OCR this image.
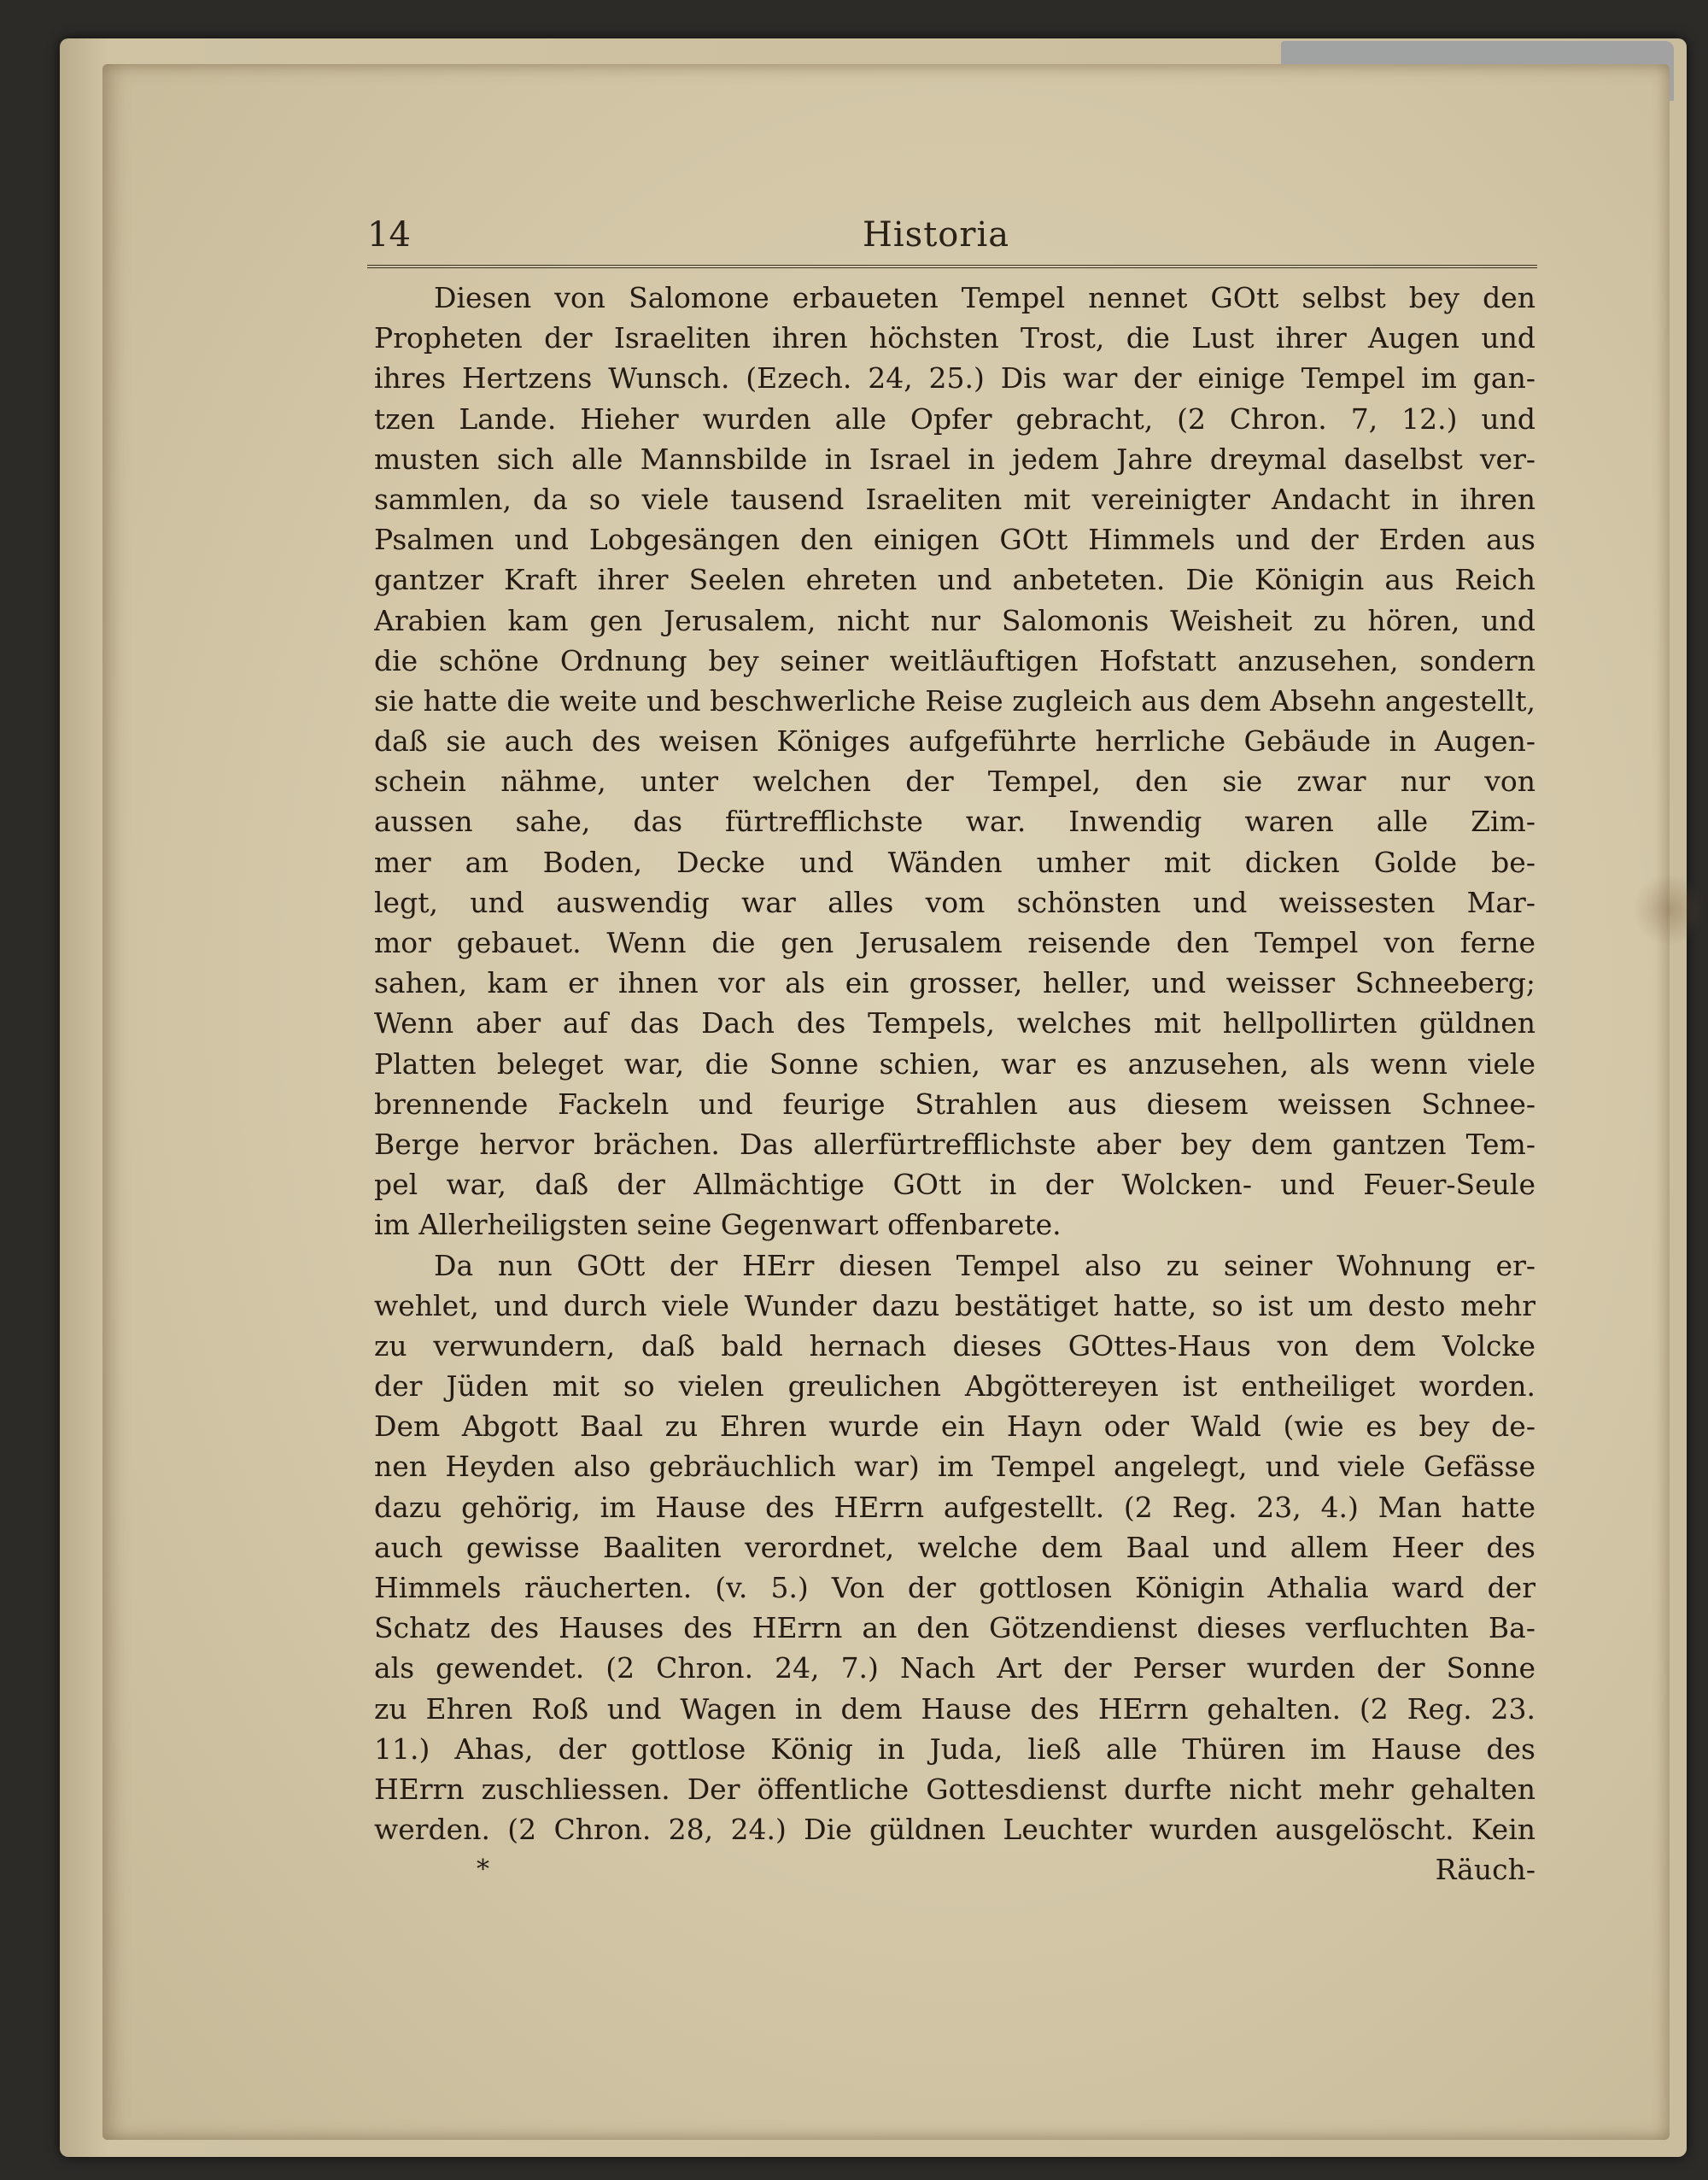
14	Historia
Diesen von Salomone erbaueten Tempel nennet GOtt selbst bey den
Propheten der Israeliten ihren höchsten Trost, die Lust ihrer Augen und
ihres Hertzens Wunsch. (Ezech. 24, 25.) Dis war der einige Tempel im gan-
tzen Lande. Hieher wurden alle Opfer gebracht, (2 Chron. 7, 12.) und
musten sich alle Mannsbilde in Israel in jedem Jahre dreymal daselbst ver-
sammlen, da so viele tausend Israeliten mit vereinigter Andacht in ihren
Psalmen und Lobgesängen den einigen GOtt Himmels und der Erden aus
gantzer Kraft ihrer Seelen ehreten und anbeteten. Die Königin aus Reich
Arabien kam gen Jerusalem, nicht nur Salomonis Weisheit zu hören, und
die schöne Ordnung bey seiner weitläuftigen Hofstatt anzusehen, sondern
sie hatte die weite und beschwerliche Reise zugleich aus dem Absehn angestellt,
daß sie auch des weisen Königes aufgeführte herrliche Gebäude in Augen-
schein nähme, unter welchen der Tempel, den sie zwar nur von
aussen sahe, das fürtrefflichste war. Inwendig waren alle Zim-
mer am Boden, Decke und Wänden umher mit dicken Golde be-
legt, und auswendig war alles vom schönsten und weissesten Mar-
mor gebauet. Wenn die gen Jerusalem reisende den Tempel von ferne
sahen, kam er ihnen vor als ein grosser, heller, und weisser Schneeberg;
Wenn aber auf das Dach des Tempels, welches mit hellpollirten güldnen
Platten beleget war, die Sonne schien, war es anzusehen, als wenn viele
brennende Fackeln und feurige Strahlen aus diesem weissen Schnee-
Berge hervor brächen. Das allerfürtrefflichste aber bey dem gantzen Tem-
pel war, daß der Allmächtige GOtt in der Wolcken- und Feuer-Seule
im Allerheiligsten seine Gegenwart offenbarete.
Da nun GOtt der HErr diesen Tempel also zu seiner Wohnung er-
wehlet, und durch viele Wunder dazu bestätiget hatte, so ist um desto mehr
zu verwundern, daß bald hernach dieses GOttes-Haus von dem Volcke
der Jüden mit so vielen greulichen Abgöttereyen ist entheiliget worden.
Dem Abgott Baal zu Ehren wurde ein Hayn oder Wald (wie es bey de-
nen Heyden also gebräuchlich war) im Tempel angelegt, und viele Gefässe
dazu gehörig, im Hause des HErrn aufgestellt. (2 Reg. 23, 4.) Man hatte
auch gewisse Baaliten verordnet, welche dem Baal und allem Heer des
Himmels räucherten. (v. 5.) Von der gottlosen Königin Athalia ward der
Schatz des Hauses des HErrn an den Götzendienst dieses verfluchten Ba-
als gewendet. (2 Chron. 24, 7.) Nach Art der Perser wurden der Sonne
zu Ehren Roß und Wagen in dem Hause des HErrn gehalten. (2 Reg. 23.
11.) Ahas, der gottlose König in Juda, ließ alle Thüren im Hause des
HErrn zuschliessen. Der öffentliche Gottesdienst durfte nicht mehr gehalten
werden. (2 Chron. 28, 24.) Die güldnen Leuchter wurden ausgelöscht. Kein
*	Räuch-
